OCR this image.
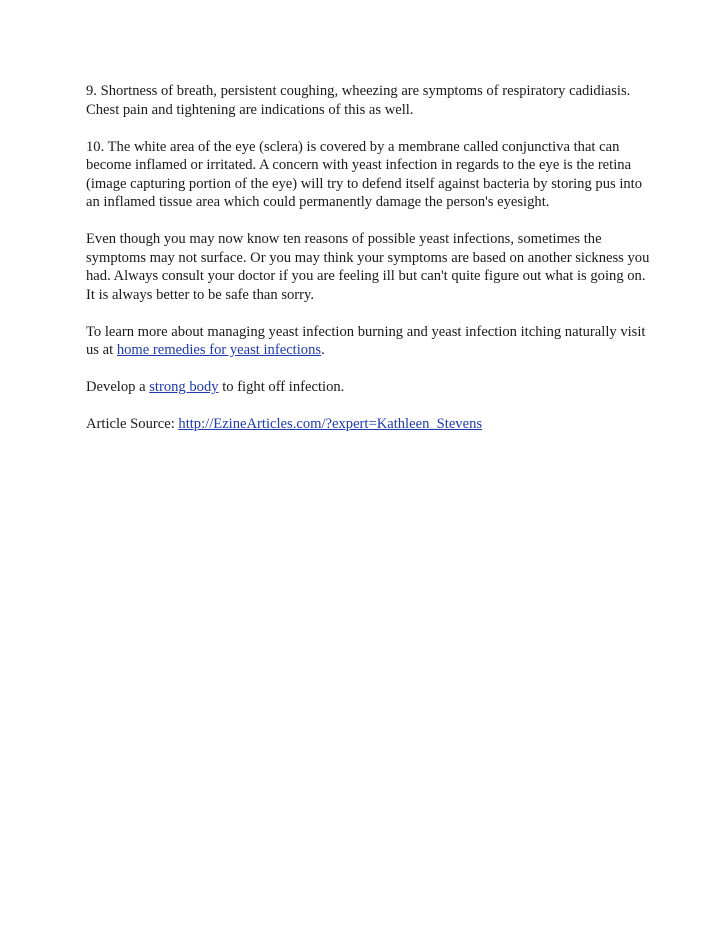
9. Shortness of breath, persistent coughing, wheezing are symptoms of respiratory cadidiasis.
Chest pain and tightening are indications of this as well.

10. The white area of the eye (sclera) is covered by a membrane called conjunctiva that can
become inflamed or irritated. A concern with yeast infection in regards to the eye is the retina
(image capturing portion of the eye) will try to defend itself against bacteria by storing pus into
an inflamed tissue area which could permanently damage the person's eyesight.

Even though you may now know ten reasons of possible yeast infections, sometimes the
symptoms may not surface. Or you may think your symptoms are based on another sickness you
had. Always consult your doctor if you are feeling ill but can't quite figure out what is going on.
It is always better to be safe than sorry.

To learn more about managing yeast infection burning and yeast infection itching naturally visit
us at home remedies for yeast infections.

Develop a strong body to fight off infection.

Article Source: http://EzineArticles.com/?expert=Kathleen_Stevens
